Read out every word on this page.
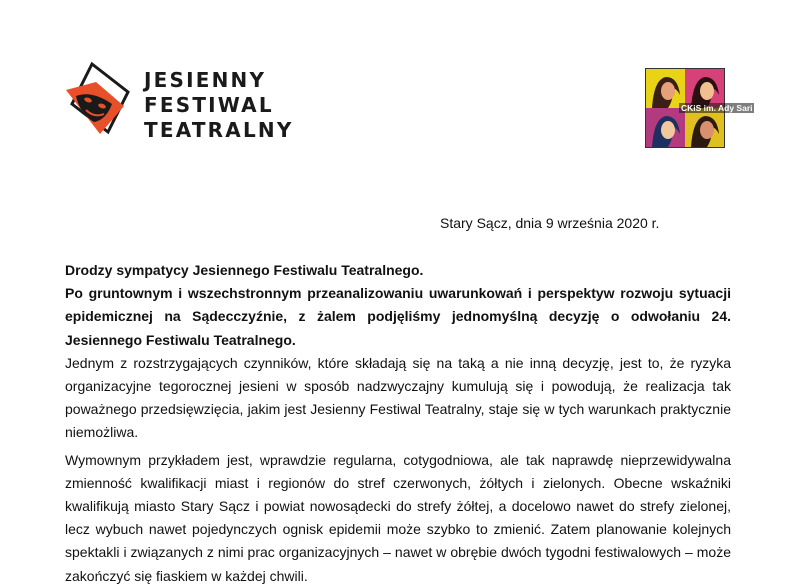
JESIENNY
FESTIWAL
TEATRALNY
CKiS im. Ady Sari
Stary Sącz, dnia 9 września 2020 r.

Drodzy sympatycy Jesiennego Festiwalu Teatralnego.

Po gruntownym i wszechstronnym przeanalizowaniu uwarunkowań i perspektyw rozwoju sytuacji epidemicznej na Sądecczyźnie, z żalem podjęliśmy jednomyślną decyzję o odwołaniu 24. Jesiennego Festiwalu Teatralnego.

Jednym z rozstrzygających czynników, które składają się na taką a nie inną decyzję, jest to, że ryzyka organizacyjne tegorocznej jesieni w sposób nadzwyczajny kumulują się i powodują, że realizacja tak poważnego przedsięwzięcia, jakim jest Jesienny Festiwal Teatralny, staje się w tych warunkach praktycznie niemożliwa.

Wymownym przykładem jest, wprawdzie regularna, cotygodniowa, ale tak naprawdę nieprzewidywalna zmienność kwalifikacji miast i regionów do stref czerwonych, żółtych i zielonych. Obecne wskaźniki kwalifikują miasto Stary Sącz i powiat nowosądecki do strefy żółtej, a docelowo nawet do strefy zielonej, lecz wybuch nawet pojedynczych ognisk epidemii może szybko to zmienić. Zatem planowanie kolejnych spektakli i związanych z nimi prac organizacyjnych – nawet w obrębie dwóch tygodni festiwalowych – może zakończyć się fiaskiem w każdej chwili.
